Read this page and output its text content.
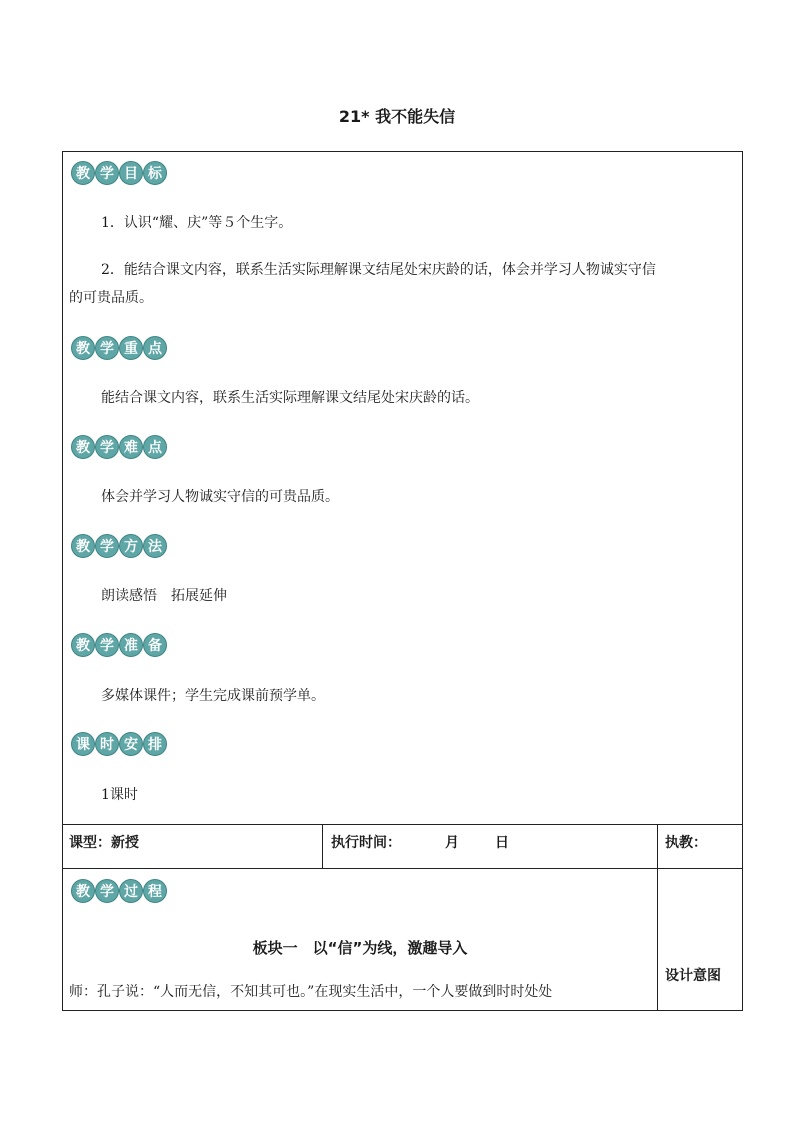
21* 我不能失信
教 学 目 标
1．认识“耀、庆”等５个生字。
2．能结合课文内容，联系生活实际理解课文结尾处宋庆龄的话，体会并学习人物诚实守信
的可贵品质。
教 学 重 点
能结合课文内容，联系生活实际理解课文结尾处宋庆龄的话。
教 学 难 点
体会并学习人物诚实守信的可贵品质。
教 学 方 法
朗读感悟　拓展延伸
教 学 准 备
多媒体课件；学生完成课前预学单。
课 时 安 排
1课时
课型：新授	执行时间：	月	日	执教：
教 学 过 程
板块一　以“信”为线，激趣导入
师：孔子说：“人而无信，不知其可也。”在现实生活中，一个人要做到时时处处
设计意图
